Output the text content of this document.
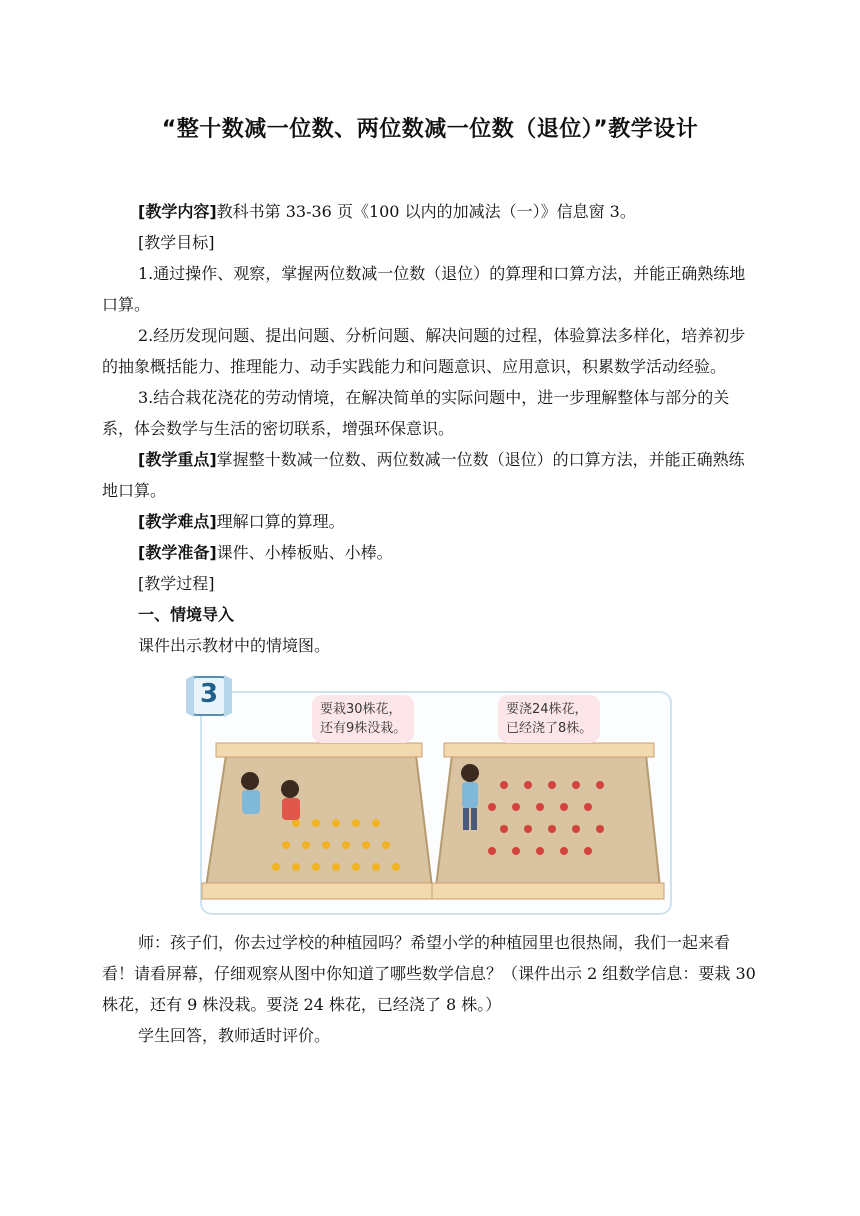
“整十数减一位数、两位数减一位数（退位）”教学设计

[教学内容]教科书第 33-36 页《100 以内的加减法（一）》信息窗 3。

[教学目标]

1.通过操作、观察，掌握两位数减一位数（退位）的算理和口算方法，并能正确熟练地口算。

2.经历发现问题、提出问题、分析问题、解决问题的过程，体验算法多样化，培养初步的抽象概括能力、推理能力、动手实践能力和问题意识、应用意识，积累数学活动经验。

3.结合栽花浇花的劳动情境，在解决简单的实际问题中，进一步理解整体与部分的关系，体会数学与生活的密切联系，增强环保意识。

[教学重点]掌握整十数减一位数、两位数减一位数（退位）的口算方法，并能正确熟练地口算。

[教学难点]理解口算的算理。

[教学准备]课件、小棒板贴、小棒。

[教学过程]

一、情境导入

课件出示教材中的情境图。

3
要栽30株花，
还有9株没栽。
要浇24株花，
已经浇了8株。

师：孩子们，你去过学校的种植园吗？希望小学的种植园里也很热闹，我们一起来看看！请看屏幕，仔细观察从图中你知道了哪些数学信息？（课件出示 2 组数学信息：要栽 30 株花，还有 9 株没栽。要浇 24 株花，已经浇了 8 株。）

学生回答，教师适时评价。
